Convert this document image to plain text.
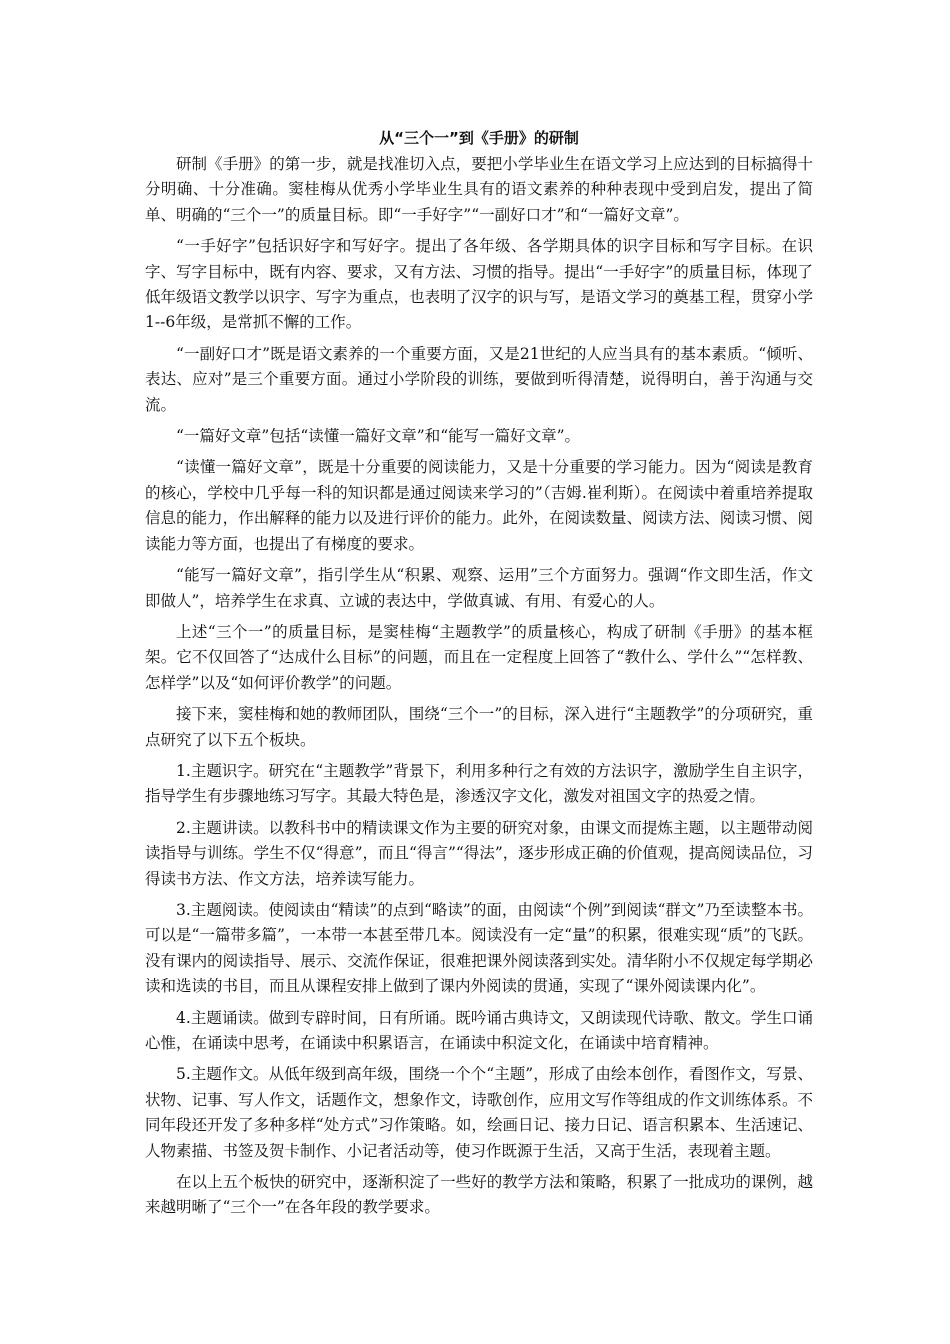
从“三个一”到《手册》的研制

研制《手册》的第一步，就是找准切入点，要把小学毕业生在语文学习上应达到的目标搞得十分明确、十分准确。窦桂梅从优秀小学毕业生具有的语文素养的种种表现中受到启发，提出了简单、明确的“三个一”的质量目标。即“一手好字”“一副好口才”和“一篇好文章”。

“一手好字”包括识好字和写好字。提出了各年级、各学期具体的识字目标和写字目标。在识字、写字目标中，既有内容、要求，又有方法、习惯的指导。提出“一手好字”的质量目标，体现了低年级语文教学以识字、写字为重点，也表明了汉字的识与写，是语文学习的奠基工程，贯穿小学1--6年级，是常抓不懈的工作。

“一副好口才”既是语文素养的一个重要方面，又是21世纪的人应当具有的基本素质。“倾听、表达、应对”是三个重要方面。通过小学阶段的训练，要做到听得清楚，说得明白，善于沟通与交流。

“一篇好文章”包括“读懂一篇好文章”和“能写一篇好文章”。

“读懂一篇好文章”，既是十分重要的阅读能力，又是十分重要的学习能力。因为“阅读是教育的核心，学校中几乎每一科的知识都是通过阅读来学习的”（吉姆.崔利斯）。在阅读中着重培养提取信息的能力，作出解释的能力以及进行评价的能力。此外，在阅读数量、阅读方法、阅读习惯、阅读能力等方面，也提出了有梯度的要求。

“能写一篇好文章”，指引学生从“积累、观察、运用”三个方面努力。强调“作文即生活，作文即做人”，培养学生在求真、立诚的表达中，学做真诚、有用、有爱心的人。

上述“三个一”的质量目标，是窦桂梅“主题教学”的质量核心，构成了研制《手册》的基本框架。它不仅回答了“达成什么目标”的问题，而且在一定程度上回答了“教什么、学什么”“怎样教、怎样学”以及“如何评价教学”的问题。

接下来，窦桂梅和她的教师团队，围绕“三个一”的目标，深入进行“主题教学”的分项研究，重点研究了以下五个板块。

1.主题识字。研究在“主题教学”背景下，利用多种行之有效的方法识字，激励学生自主识字，指导学生有步骤地练习写字。其最大特色是，渗透汉字文化，激发对祖国文字的热爱之情。

2.主题讲读。以教科书中的精读课文作为主要的研究对象，由课文而提炼主题，以主题带动阅读指导与训练。学生不仅“得意”，而且“得言”“得法”，逐步形成正确的价值观，提高阅读品位，习得读书方法、作文方法，培养读写能力。

3.主题阅读。使阅读由“精读”的点到“略读”的面，由阅读“个例”到阅读“群文”乃至读整本书。可以是“一篇带多篇”，一本带一本甚至带几本。阅读没有一定“量”的积累，很难实现“质”的飞跃。没有课内的阅读指导、展示、交流作保证，很难把课外阅读落到实处。清华附小不仅规定每学期必读和选读的书目，而且从课程安排上做到了课内外阅读的贯通，实现了“课外阅读课内化”。

4.主题诵读。做到专辟时间，日有所诵。既吟诵古典诗文，又朗读现代诗歌、散文。学生口诵心惟，在诵读中思考，在诵读中积累语言，在诵读中积淀文化，在诵读中培育精神。

5.主题作文。从低年级到高年级，围绕一个个“主题”，形成了由绘本创作，看图作文，写景、状物、记事、写人作文，话题作文，想象作文，诗歌创作，应用文写作等组成的作文训练体系。不同年段还开发了多种多样“处方式”习作策略。如，绘画日记、接力日记、语言积累本、生活速记、人物素描、书签及贺卡制作、小记者活动等，使习作既源于生活，又高于生活，表现着主题。

在以上五个板快的研究中，逐渐积淀了一些好的教学方法和策略，积累了一批成功的课例，越来越明晰了“三个一”在各年段的教学要求。
